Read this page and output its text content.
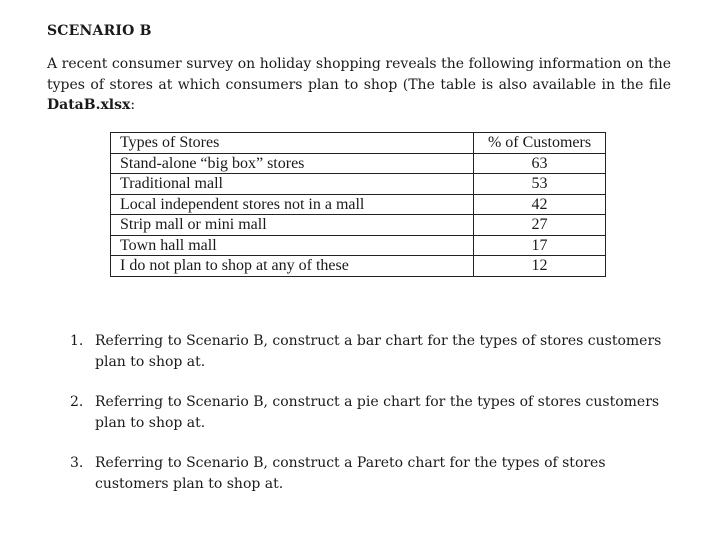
SCENARIO B

A recent consumer survey on holiday shopping reveals the following information on the types of stores at which consumers plan to shop (The table is also available in the file DataB.xlsx:

Types of Stores	% of Customers
Stand-alone “big box” stores	63
Traditional mall	53
Local independent stores not in a mall	42
Strip mall or mini mall	27
Town hall mall	17
I do not plan to shop at any of these	12
1. Referring to Scenario B, construct a bar chart for the types of stores customers plan to shop at.
2. Referring to Scenario B, construct a pie chart for the types of stores customers plan to shop at.
3. Referring to Scenario B, construct a Pareto chart for the types of stores customers plan to shop at.
